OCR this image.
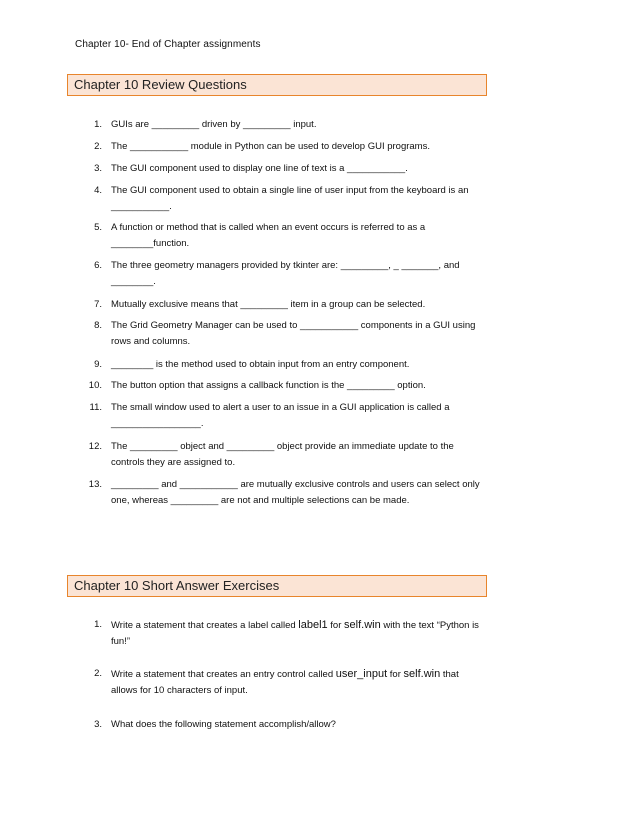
Chapter 10- End of Chapter assignments
Chapter 10 Review Questions
1. GUIs are _________ driven by _________ input.
2. The ___________ module in Python can be used to develop GUI programs.
3. The GUI component used to display one line of text is a ___________.
4. The GUI component used to obtain a single line of user input from the keyboard is an ___________.
5. A function or method that is called when an event occurs is referred to as a ________function.
6. The three geometry managers provided by tkinter are: _________, _ _______, and ________.
7. Mutually exclusive means that _________ item in a group can be selected.
8. The Grid Geometry Manager can be used to ___________ components in a GUI using rows and columns.
9. ________ is the method used to obtain input from an entry component.
10. The button option that assigns a callback function is the _________ option.
11. The small window used to alert a user to an issue in a GUI application is called a _________________.
12. The _________ object and _________ object provide an immediate update to the controls they are assigned to.
13. _________ and ___________ are mutually exclusive controls and users can select only one, whereas _________ are not and multiple selections can be made.
Chapter 10 Short Answer Exercises
1. Write a statement that creates a label called label1 for self.win with the text “Python is fun!”
2. Write a statement that creates an entry control called user_input for self.win that allows for 10 characters of input.
3. What does the following statement accomplish/allow?
